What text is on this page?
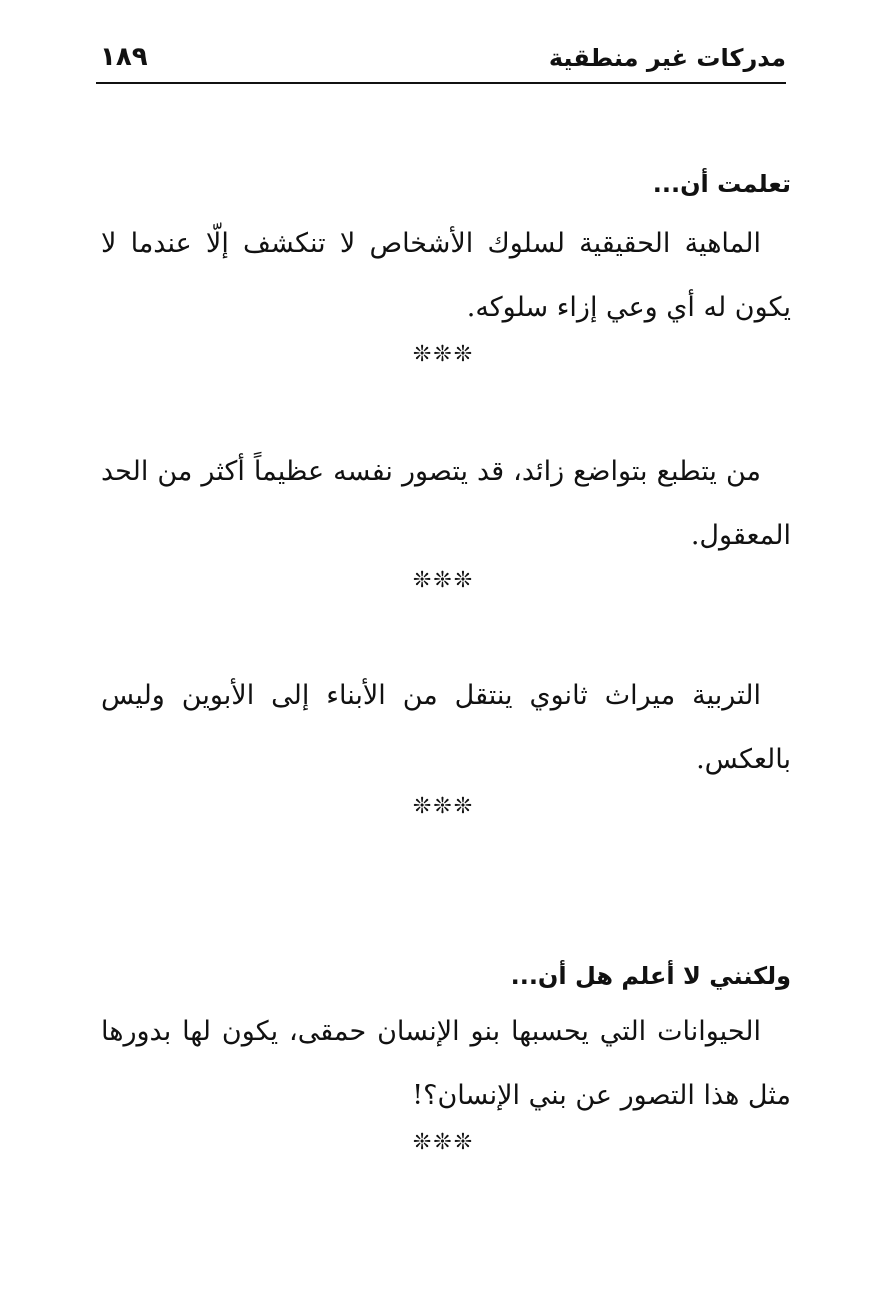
مدركات غير منطقية
١٨٩
تعلمت أن...

الماهية الحقيقية لسلوك الأشخاص لا تنكشف إلّا عندما لا يكون له أي وعي إزاء سلوكه.

❊❊❊

من يتطبع بتواضع زائد، قد يتصور نفسه عظيماً أكثر من الحد المعقول.

❊❊❊

التربية ميراث ثانوي ينتقل من الأبناء إلى الأبوين وليس بالعكس.

❊❊❊
ولكنني لا أعلم هل أن...

الحيوانات التي يحسبها بنو الإنسان حمقى، يكون لها بدورها مثل هذا التصور عن بني الإنسان؟!

❊❊❊
